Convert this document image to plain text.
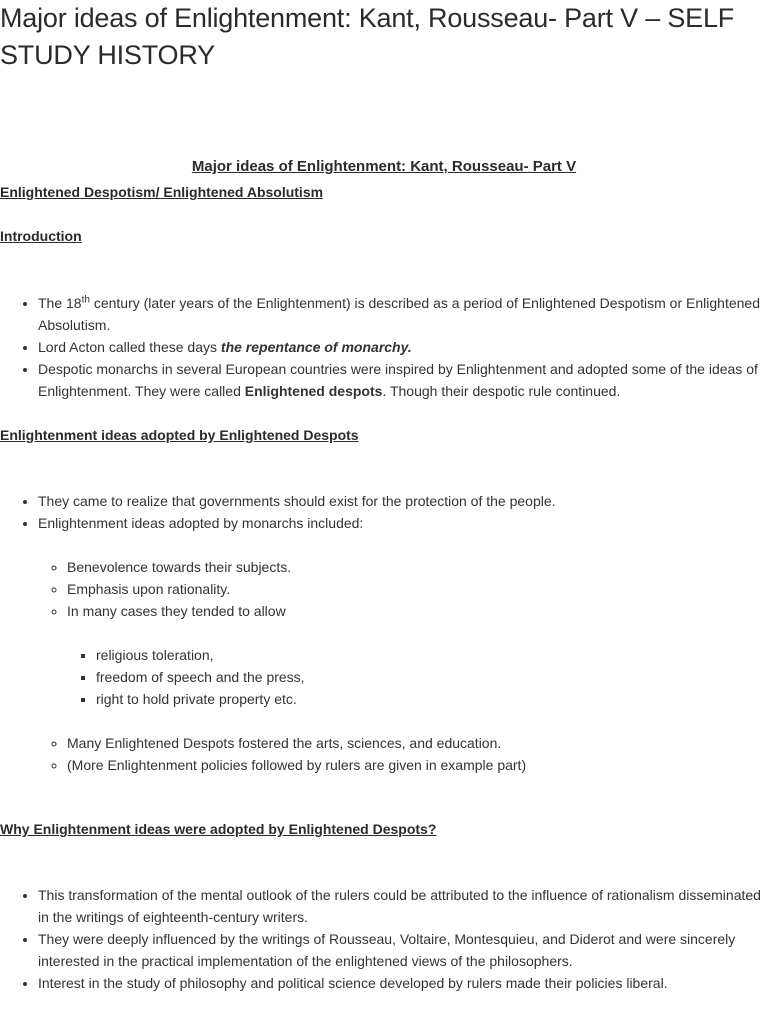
Major ideas of Enlightenment: Kant, Rousseau- Part V – SELF STUDY HISTORY
Major ideas of Enlightenment: Kant, Rousseau- Part V
Enlightened Despotism/ Enlightened Absolutism
Introduction
• The 18th century (later years of the Enlightenment) is described as a period of Enlightened Despotism or Enlightened Absolutism.
• Lord Acton called these days the repentance of monarchy.
• Despotic monarchs in several European countries were inspired by Enlightenment and adopted some of the ideas of Enlightenment. They were called Enlightened despots. Though their despotic rule continued.
Enlightenment ideas adopted by Enlightened Despots
• They came to realize that governments should exist for the protection of the people.
• Enlightenment ideas adopted by monarchs included:
◦ Benevolence towards their subjects.
◦ Emphasis upon rationality.
◦ In many cases they tended to allow
▪ religious toleration,
▪ freedom of speech and the press,
▪ right to hold private property etc.
◦ Many Enlightened Despots fostered the arts, sciences, and education.
◦ (More Enlightenment policies followed by rulers are given in example part)
Why Enlightenment ideas were adopted by Enlightened Despots?
• This transformation of the mental outlook of the rulers could be attributed to the influence of rationalism disseminated in the writings of eighteenth-century writers.
• They were deeply influenced by the writings of Rousseau, Voltaire, Montesquieu, and Diderot and were sincerely interested in the practical implementation of the enlightened views of the philosophers.
• Interest in the study of philosophy and political science developed by rulers made their policies liberal.
